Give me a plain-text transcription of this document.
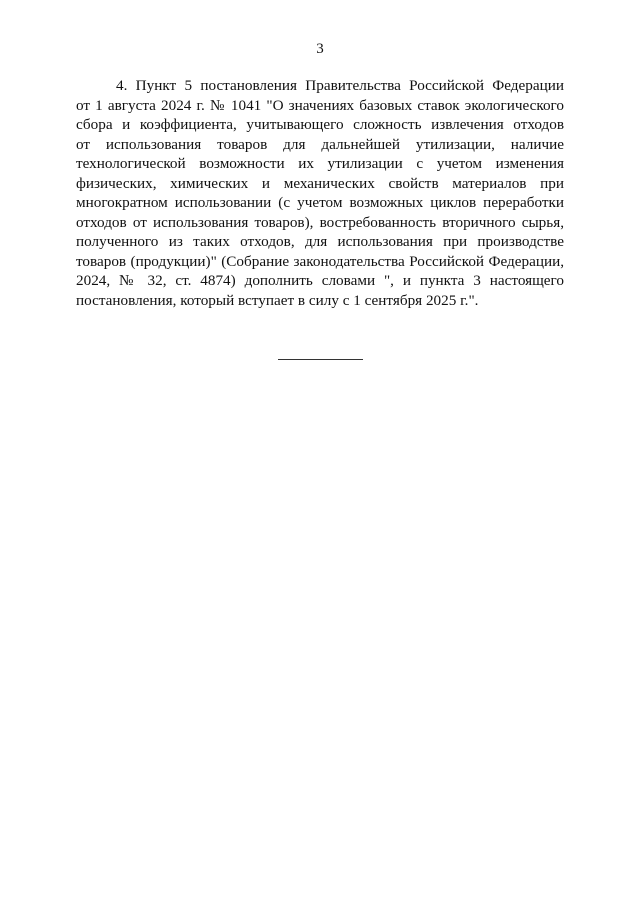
3
4. Пункт 5 постановления Правительства Российской Федерации
от 1 августа 2024 г. № 1041 "О значениях базовых ставок экологического
сбора и коэффициента, учитывающего сложность извлечения отходов
от использования товаров для дальнейшей утилизации, наличие
технологической возможности их утилизации с учетом изменения
физических, химических и механических свойств материалов при
многократном использовании (с учетом возможных циклов переработки
отходов от использования товаров), востребованность вторичного сырья,
полученного из таких отходов, для использования при производстве
товаров (продукции)" (Собрание законодательства Российской Федерации,
2024, № 32, ст. 4874) дополнить словами ", и пункта 3 настоящего
постановления, который вступает в силу с 1 сентября 2025 г.".
